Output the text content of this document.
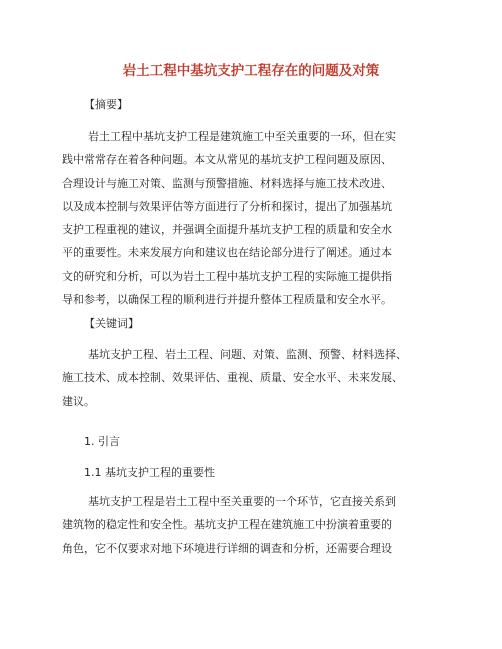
岩土工程中基坑支护工程存在的问题及对策
【摘要】
岩土工程中基坑支护工程是建筑施工中至关重要的一环，但在实
践中常常存在着各种问题。本文从常见的基坑支护工程问题及原因、
合理设计与施工对策、监测与预警措施、材料选择与施工技术改进、
以及成本控制与效果评估等方面进行了分析和探讨，提出了加强基坑
支护工程重视的建议，并强调全面提升基坑支护工程的质量和安全水
平的重要性。未来发展方向和建议也在结论部分进行了阐述。通过本
文的研究和分析，可以为岩土工程中基坑支护工程的实际施工提供指
导和参考，以确保工程的顺利进行并提升整体工程质量和安全水平。
【关键词】
基坑支护工程、岩土工程、问题、对策、监测、预警、材料选择、
施工技术、成本控制、效果评估、重视、质量、安全水平、未来发展、
建议。
1. 引言
1.1 基坑支护工程的重要性
基坑支护工程是岩土工程中至关重要的一个环节，它直接关系到
建筑物的稳定性和安全性。基坑支护工程在建筑施工中扮演着重要的
角色，它不仅要求对地下环境进行详细的调查和分析，还需要合理设
